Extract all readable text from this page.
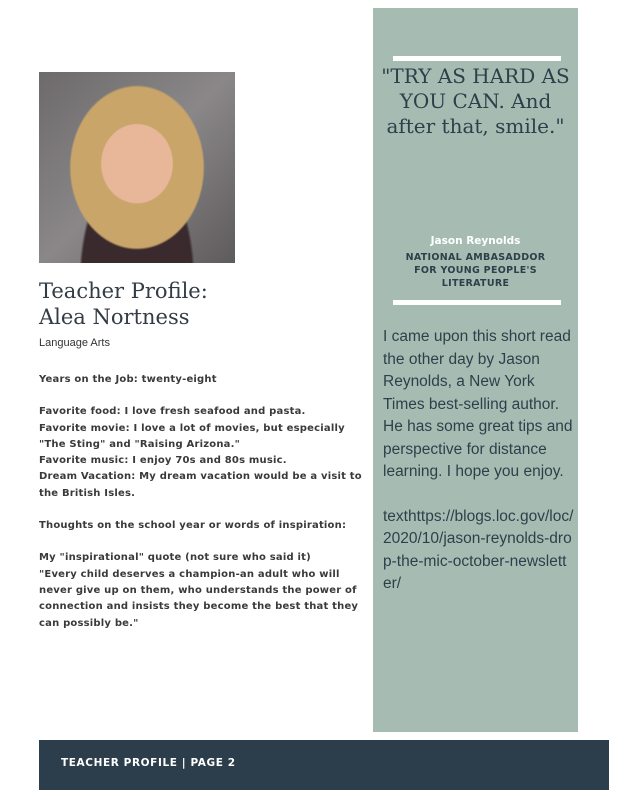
Teacher Profile:
Alea Nortness
Language Arts

Years on the Job: twenty-eight

Favorite food: I love fresh seafood and pasta.
Favorite movie: I love a lot of movies, but especially "The Sting" and "Raising Arizona."
Favorite music: I enjoy 70s and 80s music.
Dream Vacation: My dream vacation would be a visit to the British Isles.

Thoughts on the school year or words of inspiration:

My "inspirational" quote (not sure who said it)
"Every child deserves a champion-an adult who will never give up on them, who understands the power of connection and insists they become the best that they can possibly be."

"TRY AS HARD AS YOU CAN. And after that, smile."
Jason Reynolds
NATIONAL AMBASADDOR FOR YOUNG PEOPLE'S LITERATURE

I came upon this short read the other day by Jason Reynolds, a New York Times best-selling author. He has some great tips and perspective for distance learning. I hope you enjoy.

texthttps://blogs.loc.gov/loc/2020/10/jason-reynolds-drop-the-mic-october-newsletter/

TEACHER PROFILE | PAGE 2
